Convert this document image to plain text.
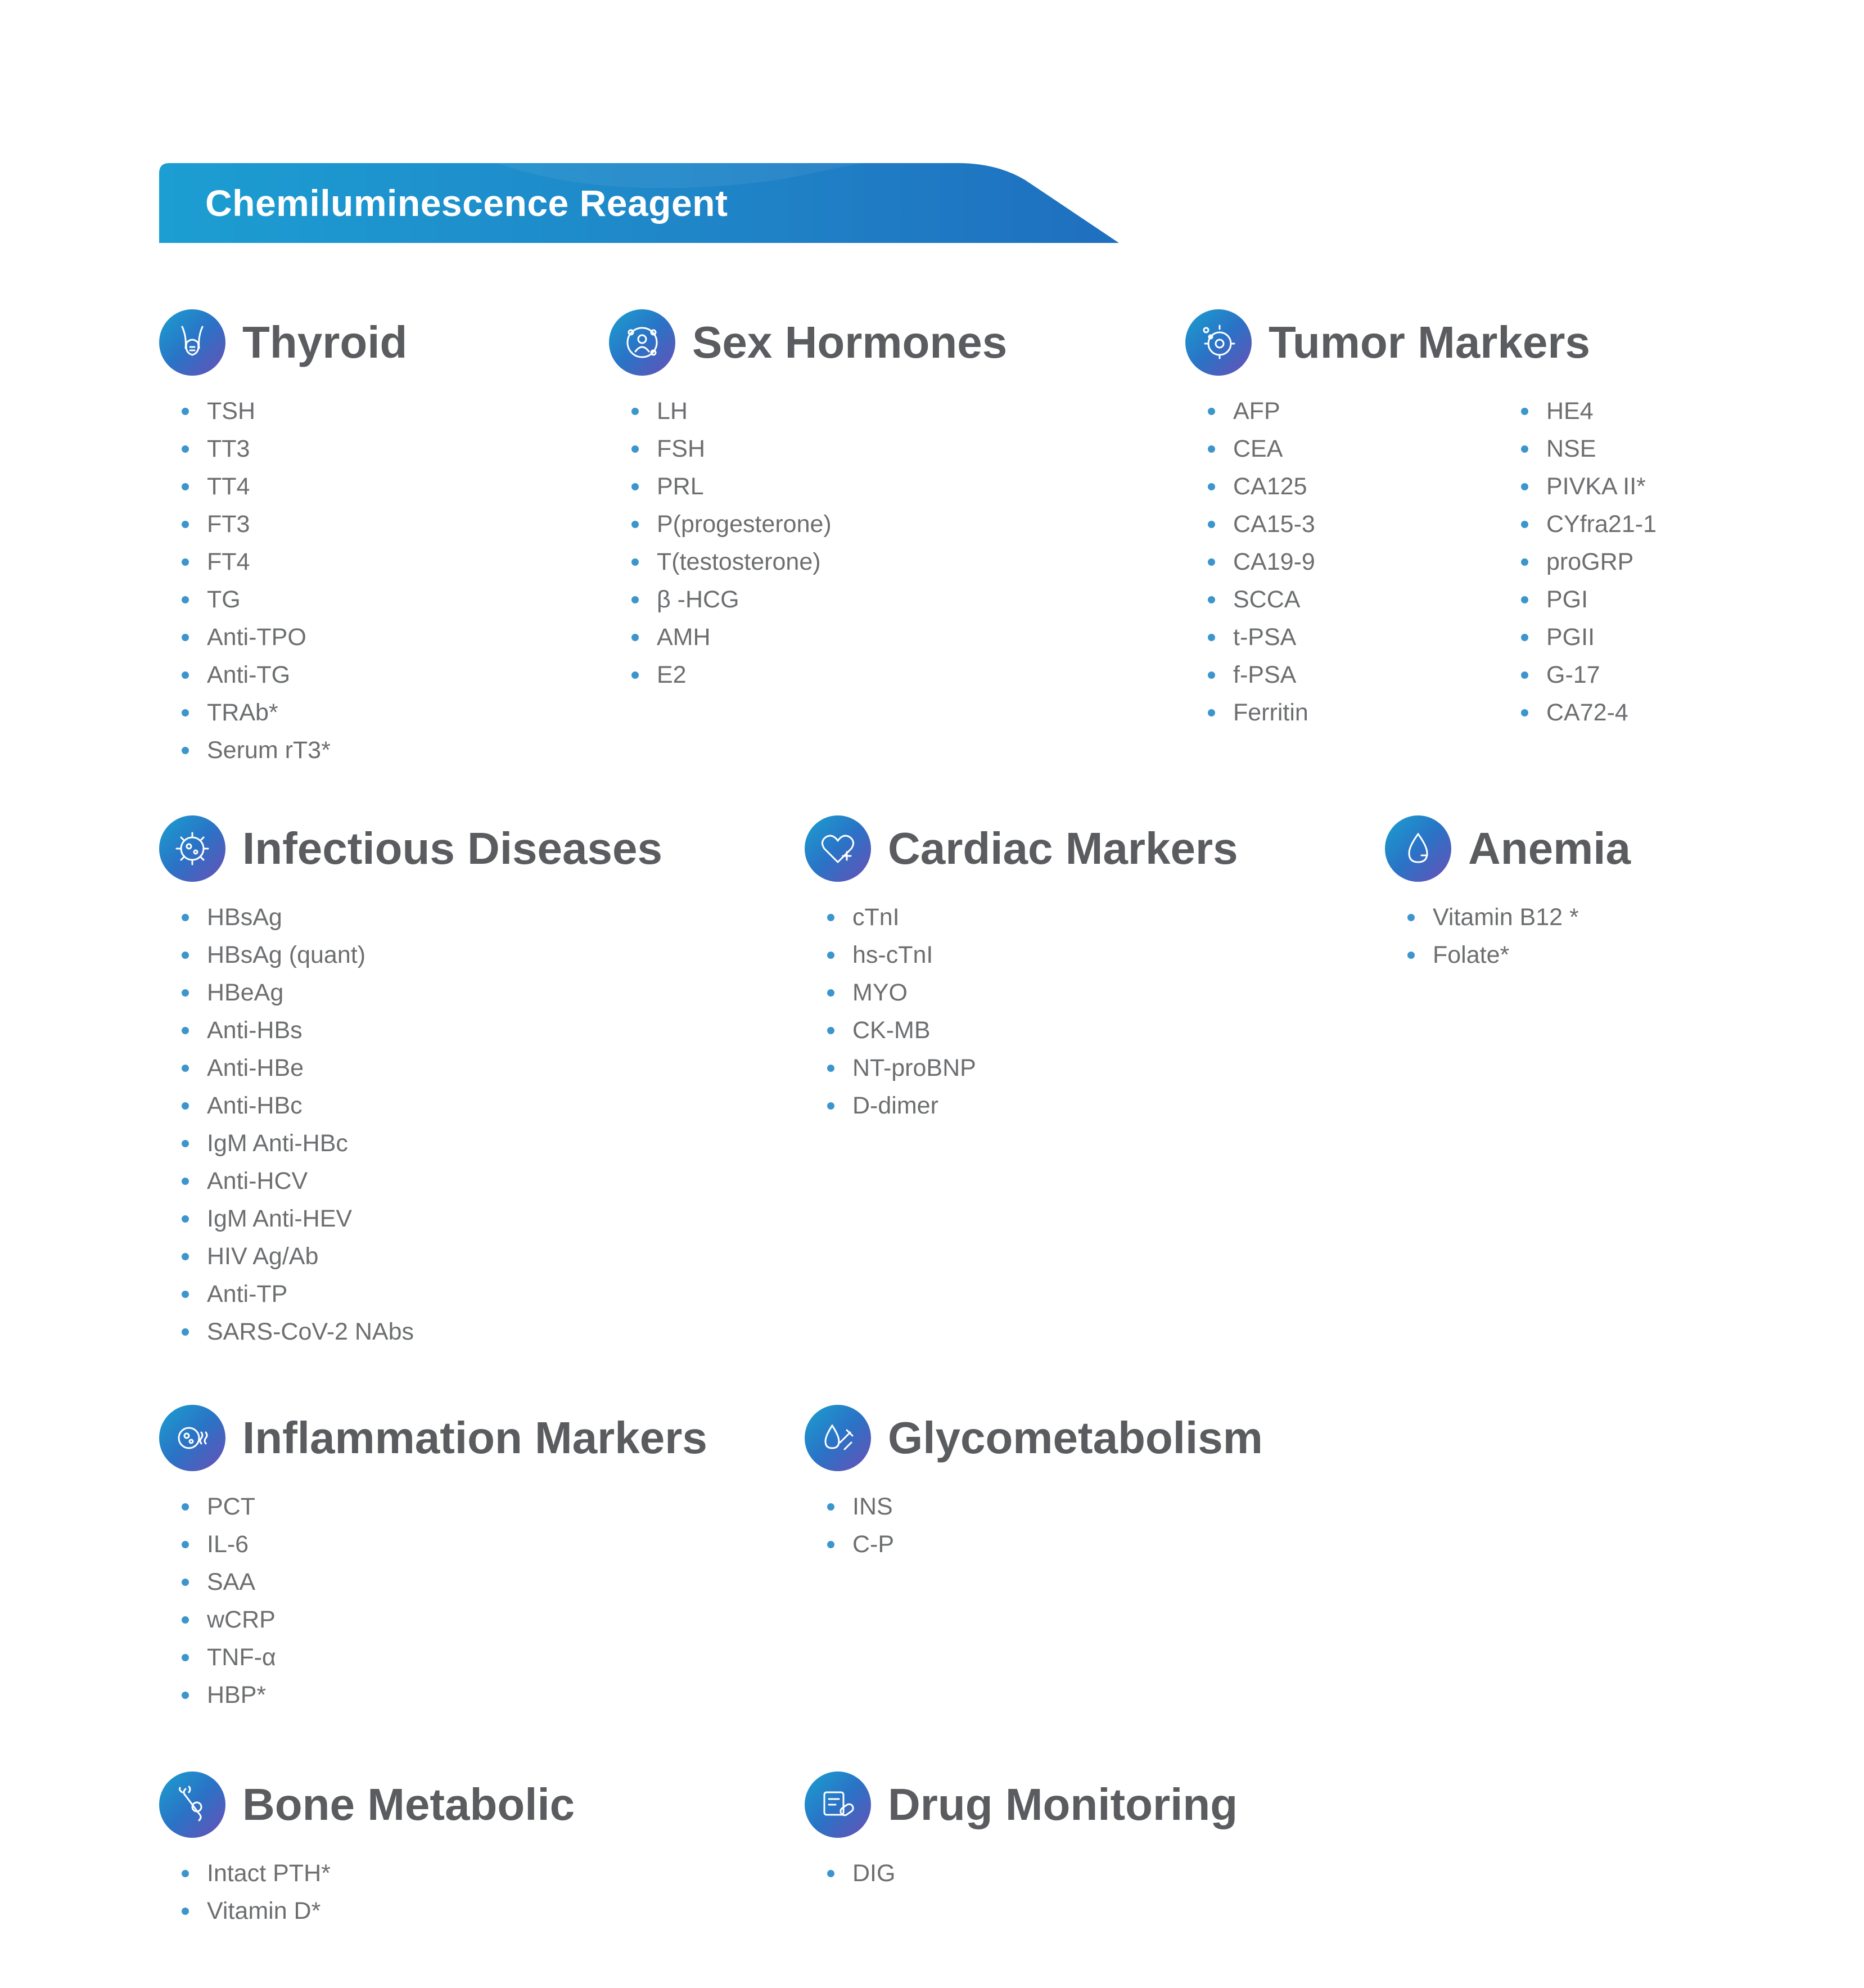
Chemiluminescence Reagent
Thyroid
TSH
TT3
TT4
FT3
FT4
TG
Anti-TPO
Anti-TG
TRAb*
Serum rT3*
Sex Hormones
LH
FSH
PRL
P(progesterone)
T(testosterone)
β -HCG
AMH
E2
Tumor Markers
AFP
CEA
CA125
CA15-3
CA19-9
SCCA
t-PSA
f-PSA
Ferritin
HE4
NSE
PIVKA II*
CYfra21-1
proGRP
PGI
PGII
G-17
CA72-4
Infectious Diseases
HBsAg
HBsAg (quant)
HBeAg
Anti-HBs
Anti-HBe
Anti-HBc
IgM Anti-HBc
Anti-HCV
IgM Anti-HEV
HIV Ag/Ab
Anti-TP
SARS-CoV-2 NAbs
Cardiac Markers
cTnI
hs-cTnI
MYO
CK-MB
NT-proBNP
D-dimer
Anemia
Vitamin B12 *
Folate*
Inflammation Markers
PCT
IL-6
SAA
wCRP
TNF-α
HBP*
Glycometabolism
INS
C-P
Bone Metabolic
Intact PTH*
Vitamin D*
Drug Monitoring
DIG
